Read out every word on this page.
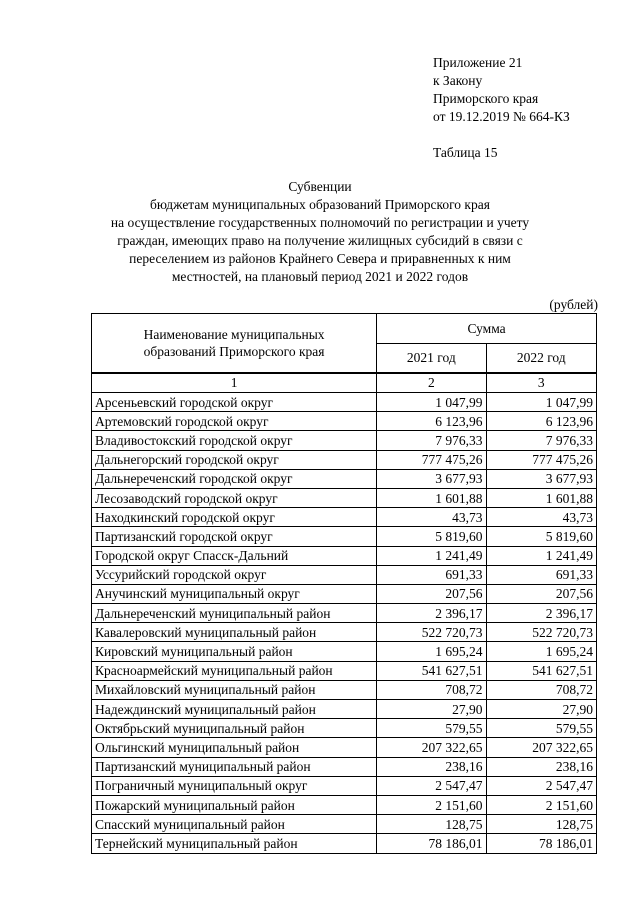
Приложение 21
к Закону
Приморского края
от 19.12.2019 № 664-КЗ
Таблица 15
Субвенции
бюджетам муниципальных образований Приморского края
на осуществление государственных полномочий по регистрации и учету
граждан, имеющих право на получение жилищных субсидий в связи с
переселением из районов Крайнего Севера и приравненных к ним
местностей, на плановый период 2021 и 2022 годов
(рублей)
Наименование муниципальных
образований Приморского края	Сумма	
	2021 год	2022 год
1	2	3
Арсеньевский городской округ	1 047,99	1 047,99
Артемовский городской округ	6 123,96	6 123,96
Владивостокский городской округ	7 976,33	7 976,33
Дальнегорский городской округ	777 475,26	777 475,26
Дальнереченский городской округ	3 677,93	3 677,93
Лесозаводский городской округ	1 601,88	1 601,88
Находкинский городской округ	43,73	43,73
Партизанский городской округ	5 819,60	5 819,60
Городской округ Спасск-Дальний	1 241,49	1 241,49
Уссурийский городской округ	691,33	691,33
Анучинский муниципальный округ	207,56	207,56
Дальнереченский муниципальный район	2 396,17	2 396,17
Кавалеровский муниципальный район	522 720,73	522 720,73
Кировский муниципальный район	1 695,24	1 695,24
Красноармейский муниципальный район	541 627,51	541 627,51
Михайловский муниципальный район	708,72	708,72
Надеждинский муниципальный район	27,90	27,90
Октябрьский муниципальный район	579,55	579,55
Ольгинский муниципальный район	207 322,65	207 322,65
Партизанский муниципальный район	238,16	238,16
Пограничный муниципальный округ	2 547,47	2 547,47
Пожарский муниципальный район	2 151,60	2 151,60
Спасский муниципальный район	128,75	128,75
Тернейский муниципальный район	78 186,01	78 186,01
